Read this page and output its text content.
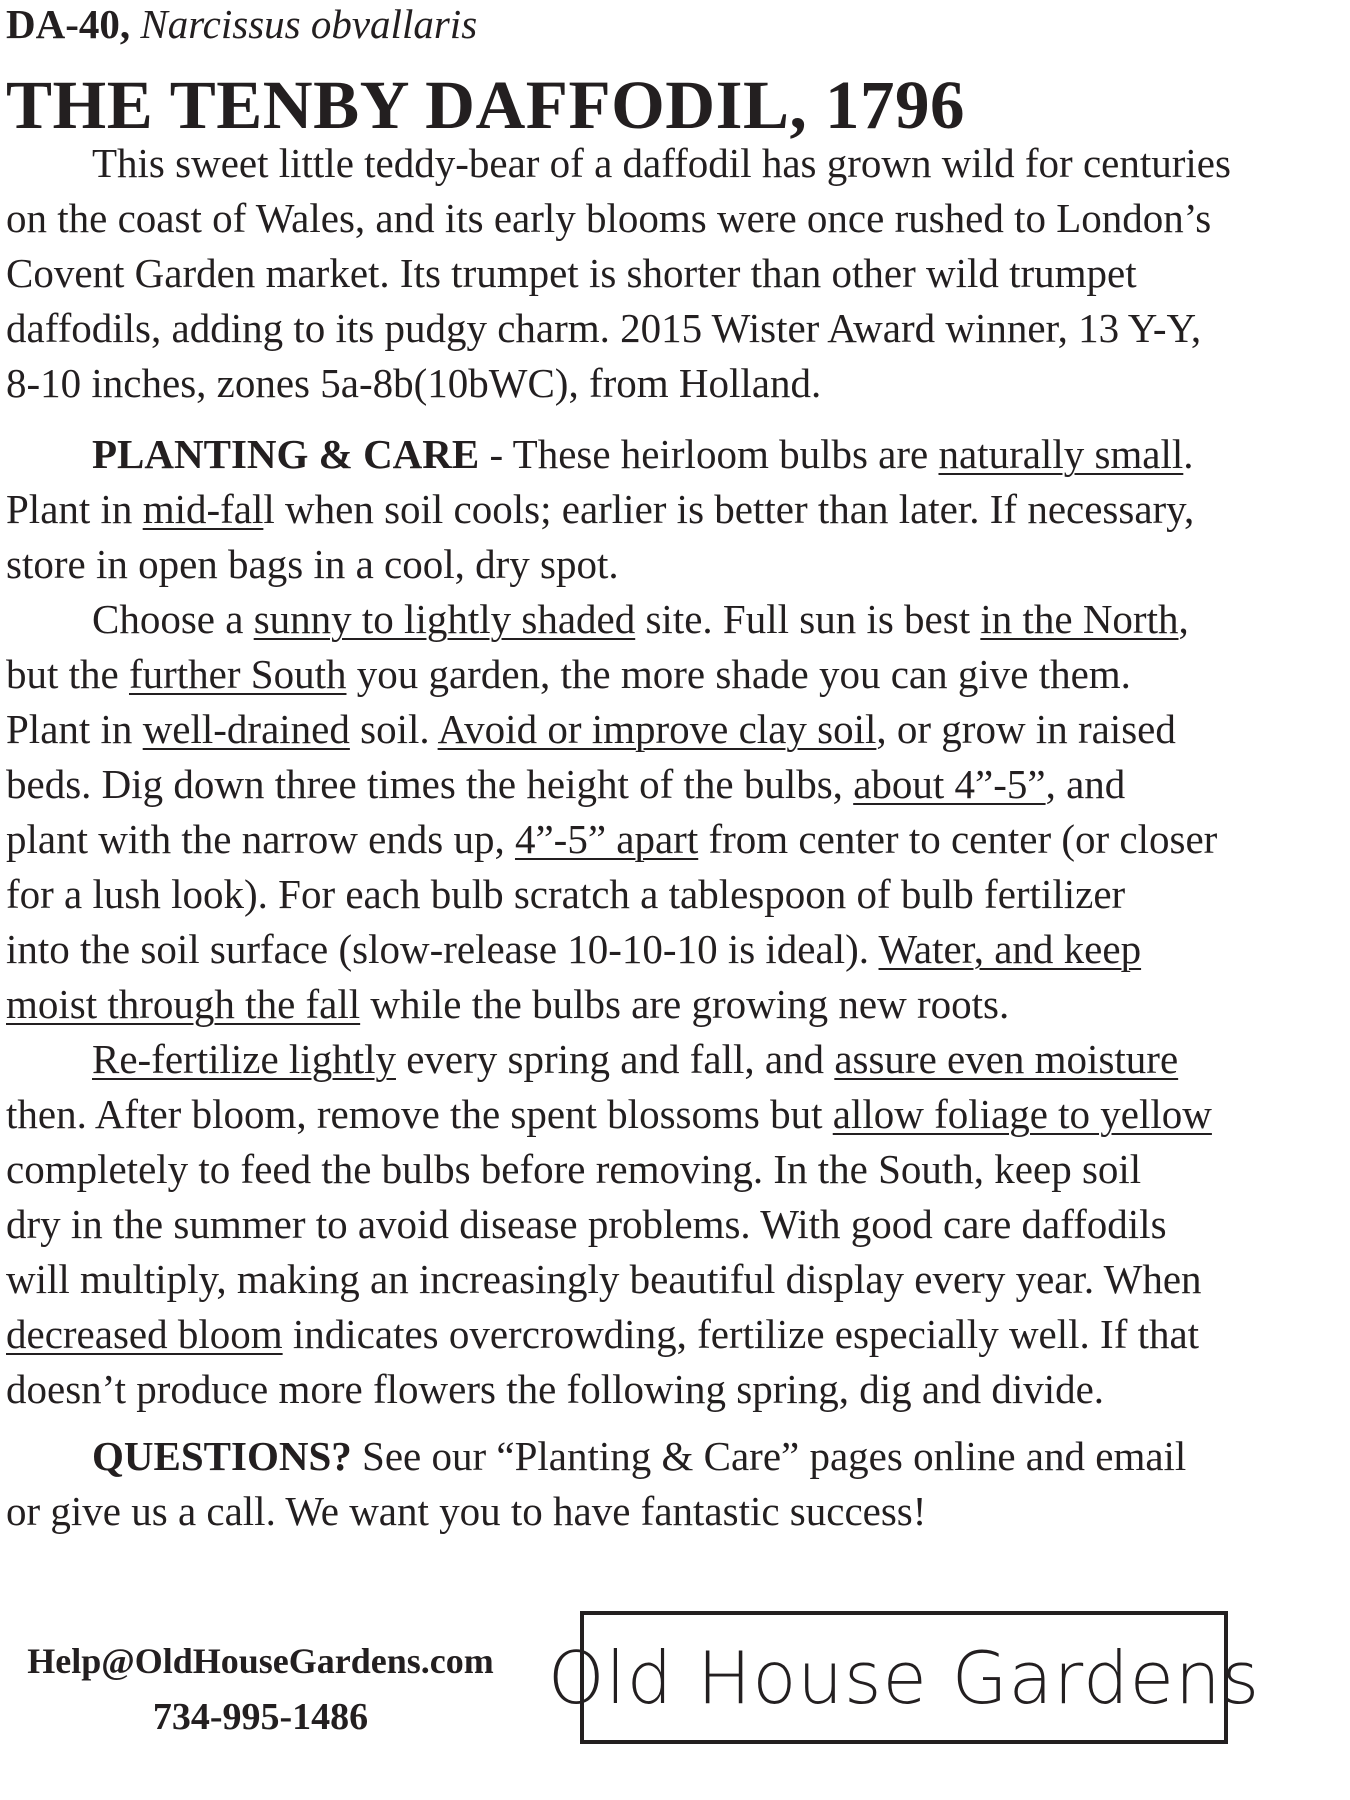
DA-40, Narcissus obvallaris
THE TENBY DAFFODIL, 1796
This sweet little teddy-bear of a daffodil has grown wild for centuries
on the coast of Wales, and its early blooms were once rushed to London’s
Covent Garden market. Its trumpet is shorter than other wild trumpet
daffodils, adding to its pudgy charm. 2015 Wister Award winner, 13 Y-Y,
8-10 inches, zones 5a-8b(10bWC), from Holland.
PLANTING & CARE - These heirloom bulbs are naturally small.
Plant in mid-fall when soil cools; earlier is better than later. If necessary,
store in open bags in a cool, dry spot.
Choose a sunny to lightly shaded site. Full sun is best in the North,
but the further South you garden, the more shade you can give them.
Plant in well-drained soil. Avoid or improve clay soil, or grow in raised
beds. Dig down three times the height of the bulbs, about 4”-5”, and
plant with the narrow ends up, 4”-5” apart from center to center (or closer
for a lush look). For each bulb scratch a tablespoon of bulb fertilizer
into the soil surface (slow-release 10-10-10 is ideal). Water, and keep
moist through the fall while the bulbs are growing new roots.
Re-fertilize lightly every spring and fall, and assure even moisture
then. After bloom, remove the spent blossoms but allow foliage to yellow
completely to feed the bulbs before removing. In the South, keep soil
dry in the summer to avoid disease problems. With good care daffodils
will multiply, making an increasingly beautiful display every year. When
decreased bloom indicates overcrowding, fertilize especially well. If that
doesn’t produce more flowers the following spring, dig and divide.
QUESTIONS? See our “Planting & Care” pages online and email
or give us a call. We want you to have fantastic success!
Help@OldHouseGardens.com
734-995-1486	Old House Gardens
